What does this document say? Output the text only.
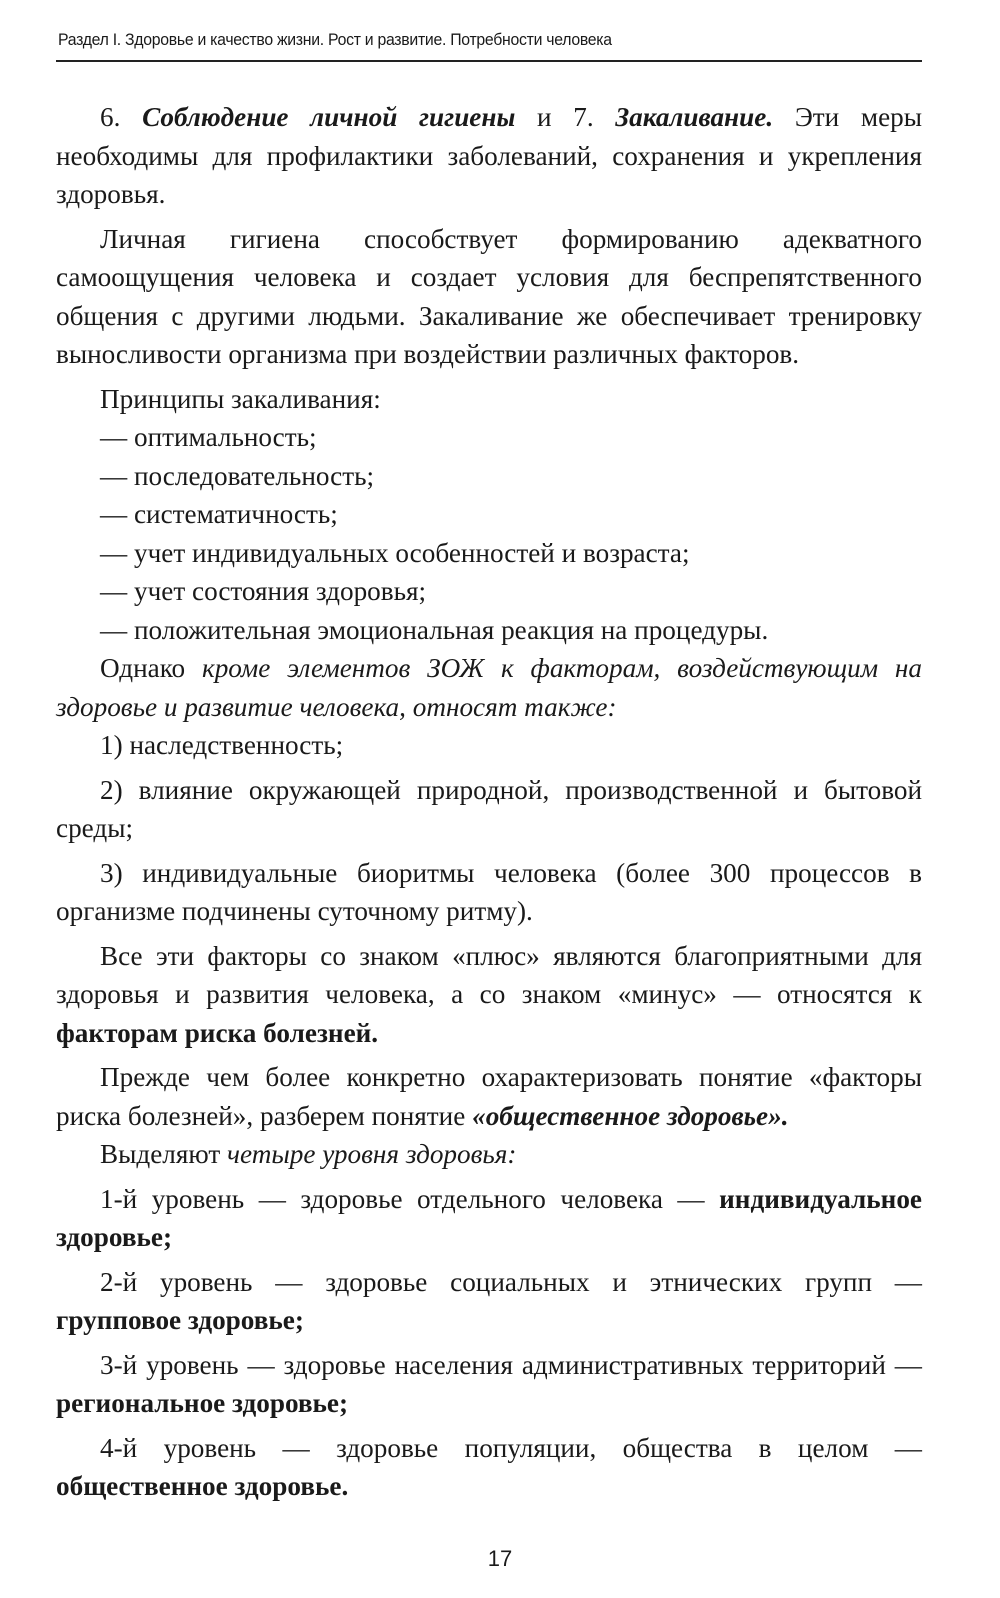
Раздел I. Здоровье и качество жизни. Рост и развитие. Потребности человека

6. Соблюдение личной гигиены и 7. Закаливание. Эти меры необходимы для профилактики заболеваний, сохранения и укрепления здоровья.

Личная гигиена способствует формированию адекватного самоощущения человека и создает условия для беспрепятственного общения с другими людьми. Закаливание же обеспечивает тренировку выносливости организма при воздействии различных факторов.

Принципы закаливания:

— оптимальность;
— последовательность;
— систематичность;
— учет индивидуальных особенностей и возраста;
— учет состояния здоровья;
— положительная эмоциональная реакция на процедуры.

Однако кроме элементов ЗОЖ к факторам, воздействующим на здоровье и развитие человека, относят также:

1) наследственность;

2) влияние окружающей природной, производственной и бытовой среды;

3) индивидуальные биоритмы человека (более 300 процессов в организме подчинены суточному ритму).

Все эти факторы со знаком «плюс» являются благоприятными для здоровья и развития человека, а со знаком «минус» — относятся к факторам риска болезней.

Прежде чем более конкретно охарактеризовать понятие «факторы риска болезней», разберем понятие «общественное здоровье».

Выделяют четыре уровня здоровья:

1-й уровень — здоровье отдельного человека — индивидуальное здоровье;

2-й уровень — здоровье социальных и этнических групп — групповое здоровье;

3-й уровень — здоровье населения административных территорий — региональное здоровье;

4-й уровень — здоровье популяции, общества в целом — общественное здоровье.

17
